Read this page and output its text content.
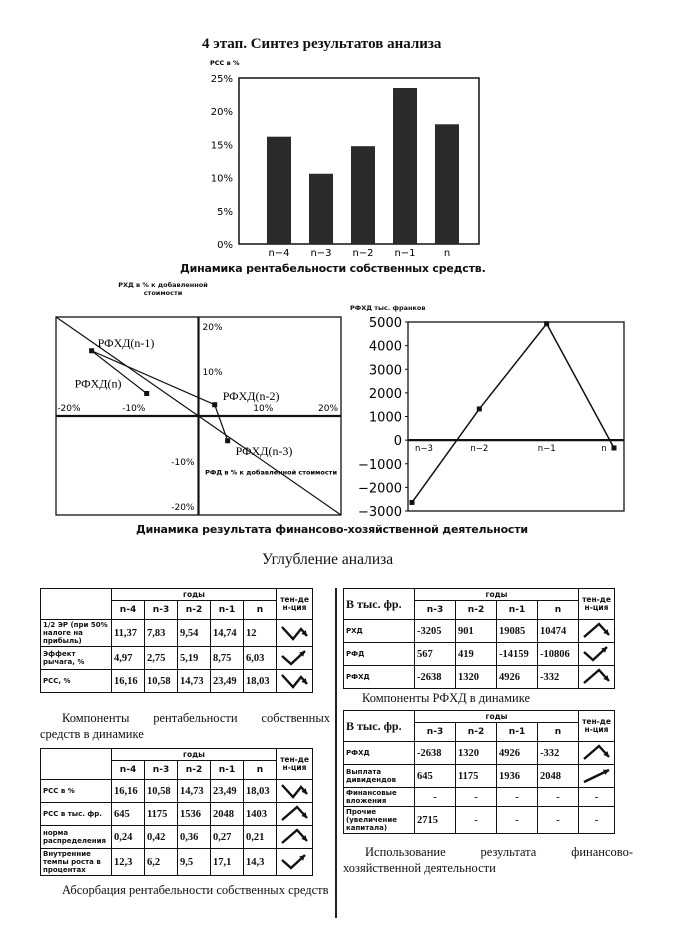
4 этап. Синтез результатов анализа
РСС в %
0%
5%
10%
15%
20%
25%
n−4 n−3 n−2 n−1	n
Динамика рентабельности собственных средств.
РХД в % к добавленной стоимости
-20%	-10%	10%	20%
20%
10%
-10%
-20%
РФД в % к добавленной стоимости
РФХД(n-3)
РФХД(n-2)
РФХД(n-1)
РФХД(n)
РФХД тыс. франков
5000
4000
3000
2000
1000
0
−1000
−2000
−3000
n−3	n−2	n−1	n
Динамика результата финансово-хозяйственной деятельности
Углубление анализа
	годы					тен-ден-ция
	n-4	n-3	n-2	n-1	n	
1/2 ЭР (при 50% налоге на прибыль)	11,37	7,83	9,54	14,74	12	

Эффект рычага, %	4,97	2,75	5,19	8,75	6,03	

РСС, %	16,16	10,58	14,73	23,49	18,03	
Компоненты рентабельности собственных средств в динамике
	годы					тен-ден-ция
	n-4	n-3	n-2	n-1	n	
РСС в %	16,16	10,58	14,73	23,49	18,03	

РСС в тыс. фр.	645	1175	1536	2048	1403	

норма распределения	0,24	0,42	0,36	0,27	0,21	

Внутренние темпы роста в процентах	12,3	6,2	9,5	17,1	14,3	
Абсорбация рентабельности собственных средств
В тыс. фр.	годы				тен-ден-ция
	n-3	n-2	n-1	n	
РХД	-3205	901	19085	10474	

РФД	567	419	-14159	-10806	

РФХД	-2638	1320	4926	-332	
Компоненты РФХД в динамике
В тыс. фр.	годы				тен-ден-ция
	n-3	n-2	n-1	n	
РФХД	-2638	1320	4926	-332	

Выплата дивидендов	645	1175	1936	2048	

Финансовые вложения	-	-	-	-	-
Прочие (увеличение капитала)	2715	-	-	-	-
Использование результата финансово-хозяйственной деятельности
